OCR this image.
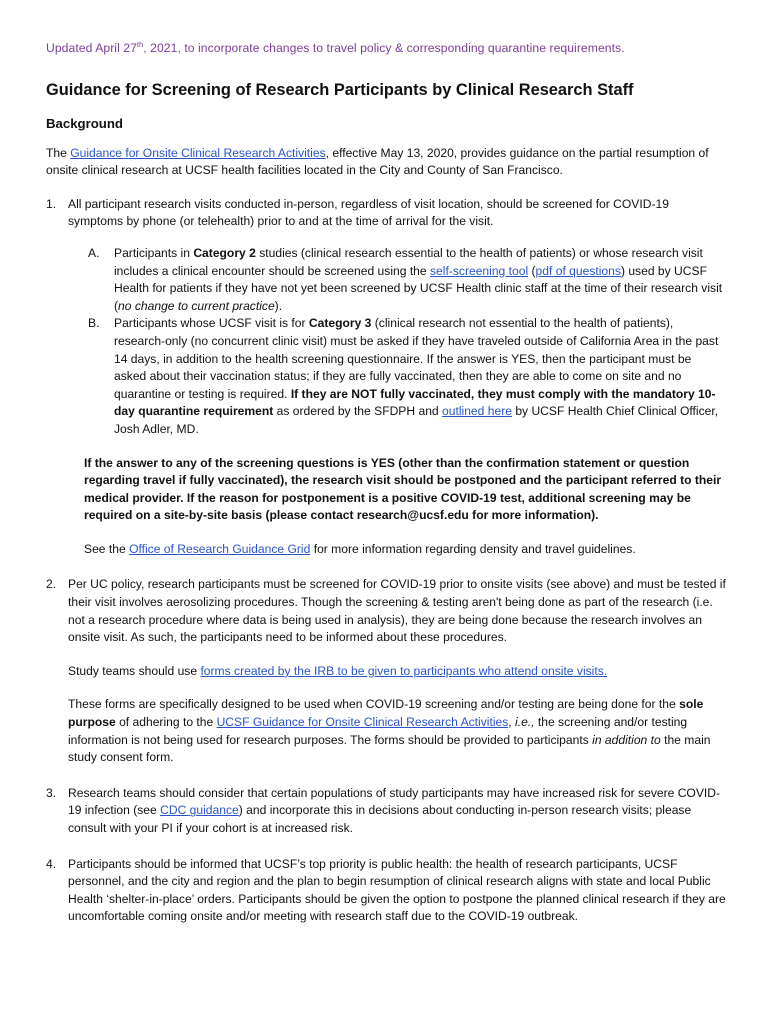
Updated April 27th, 2021, to incorporate changes to travel policy & corresponding quarantine requirements.

Guidance for Screening of Research Participants by Clinical Research Staff
Background

The Guidance for Onsite Clinical Research Activities, effective May 13, 2020, provides guidance on the partial resumption of onsite clinical research at UCSF health facilities located in the City and County of San Francisco.

1. All participant research visits conducted in-person, regardless of visit location, should be screened for COVID-19 symptoms by phone (or telehealth) prior to and at the time of arrival for the visit.

A. Participants in Category 2 studies (clinical research essential to the health of patients) or whose research visit includes a clinical encounter should be screened using the self-screening tool (pdf of questions) used by UCSF Health for patients if they have not yet been screened by UCSF Health clinic staff at the time of their research visit (no change to current practice).

B. Participants whose UCSF visit is for Category 3 (clinical research not essential to the health of patients), research-only (no concurrent clinic visit) must be asked if they have traveled outside of California Area in the past 14 days, in addition to the health screening questionnaire. If the answer is YES, then the participant must be asked about their vaccination status; if they are fully vaccinated, then they are able to come on site and no quarantine or testing is required. If they are NOT fully vaccinated, they must comply with the mandatory 10-day quarantine requirement as ordered by the SFDPH and outlined here by UCSF Health Chief Clinical Officer, Josh Adler, MD.

If the answer to any of the screening questions is YES (other than the confirmation statement or question regarding travel if fully vaccinated), the research visit should be postponed and the participant referred to their medical provider. If the reason for postponement is a positive COVID-19 test, additional screening may be required on a site-by-site basis (please contact research@ucsf.edu for more information).

See the Office of Research Guidance Grid for more information regarding density and travel guidelines.

2. Per UC policy, research participants must be screened for COVID-19 prior to onsite visits (see above) and must be tested if their visit involves aerosolizing procedures. Though the screening & testing aren't being done as part of the research (i.e. not a research procedure where data is being used in analysis), they are being done because the research involves an onsite visit. As such, the participants need to be informed about these procedures.

Study teams should use forms created by the IRB to be given to participants who attend onsite visits.

These forms are specifically designed to be used when COVID-19 screening and/or testing are being done for the sole purpose of adhering to the UCSF Guidance for Onsite Clinical Research Activities, i.e., the screening and/or testing information is not being used for research purposes. The forms should be provided to participants in addition to the main study consent form.

3. Research teams should consider that certain populations of study participants may have increased risk for severe COVID-19 infection (see CDC guidance) and incorporate this in decisions about conducting in-person research visits; please consult with your PI if your cohort is at increased risk.

4. Participants should be informed that UCSF’s top priority is public health: the health of research participants, UCSF personnel, and the city and region and the plan to begin resumption of clinical research aligns with state and local Public Health ‘shelter-in-place’ orders. Participants should be given the option to postpone the planned clinical research if they are uncomfortable coming onsite and/or meeting with research staff due to the COVID-19 outbreak.
